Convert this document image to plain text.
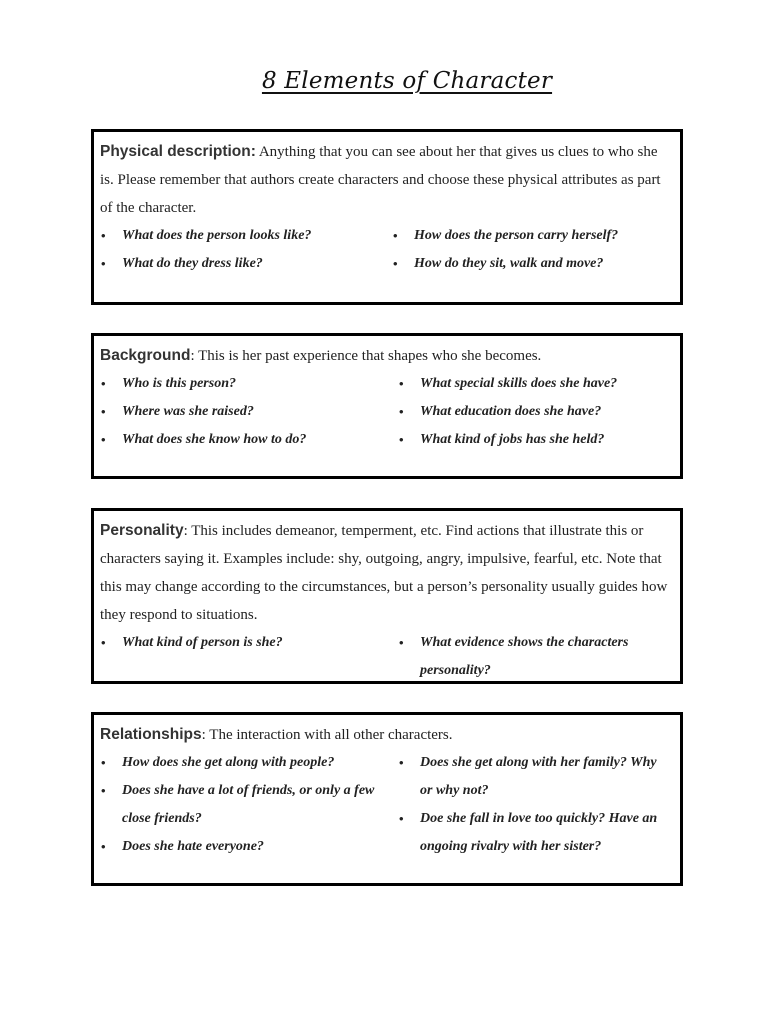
8 Elements of Character
Physical description: Anything that you can see about her that gives us clues to who she is. Please remember that authors create characters and choose these physical attributes as part of the character.
• What does the person looks like?
• What do they dress like?
• How does the person carry herself?
• How do they sit, walk and move?
Background: This is her past experience that shapes who she becomes.
• Who is this person?
• Where was she raised?
• What does she know how to do?
• What special skills does she have?
• What education does she have?
• What kind of jobs has she held?
Personality: This includes demeanor, temperment, etc. Find actions that illustrate this or characters saying it. Examples include: shy, outgoing, angry, impulsive, fearful, etc. Note that this may change according to the circumstances, but a person’s personality usually guides how they respond to situations.
• What kind of person is she?
•	What evidence shows the characters personality?
Relationships: The interaction with all other characters.
• How does she get along with people?
• Does she have a lot of friends, or only a few close friends?
• Does she hate everyone?
• Does she get along with her family? Why or why not?
• Doe she fall in love too quickly? Have an ongoing rivalry with her sister?
